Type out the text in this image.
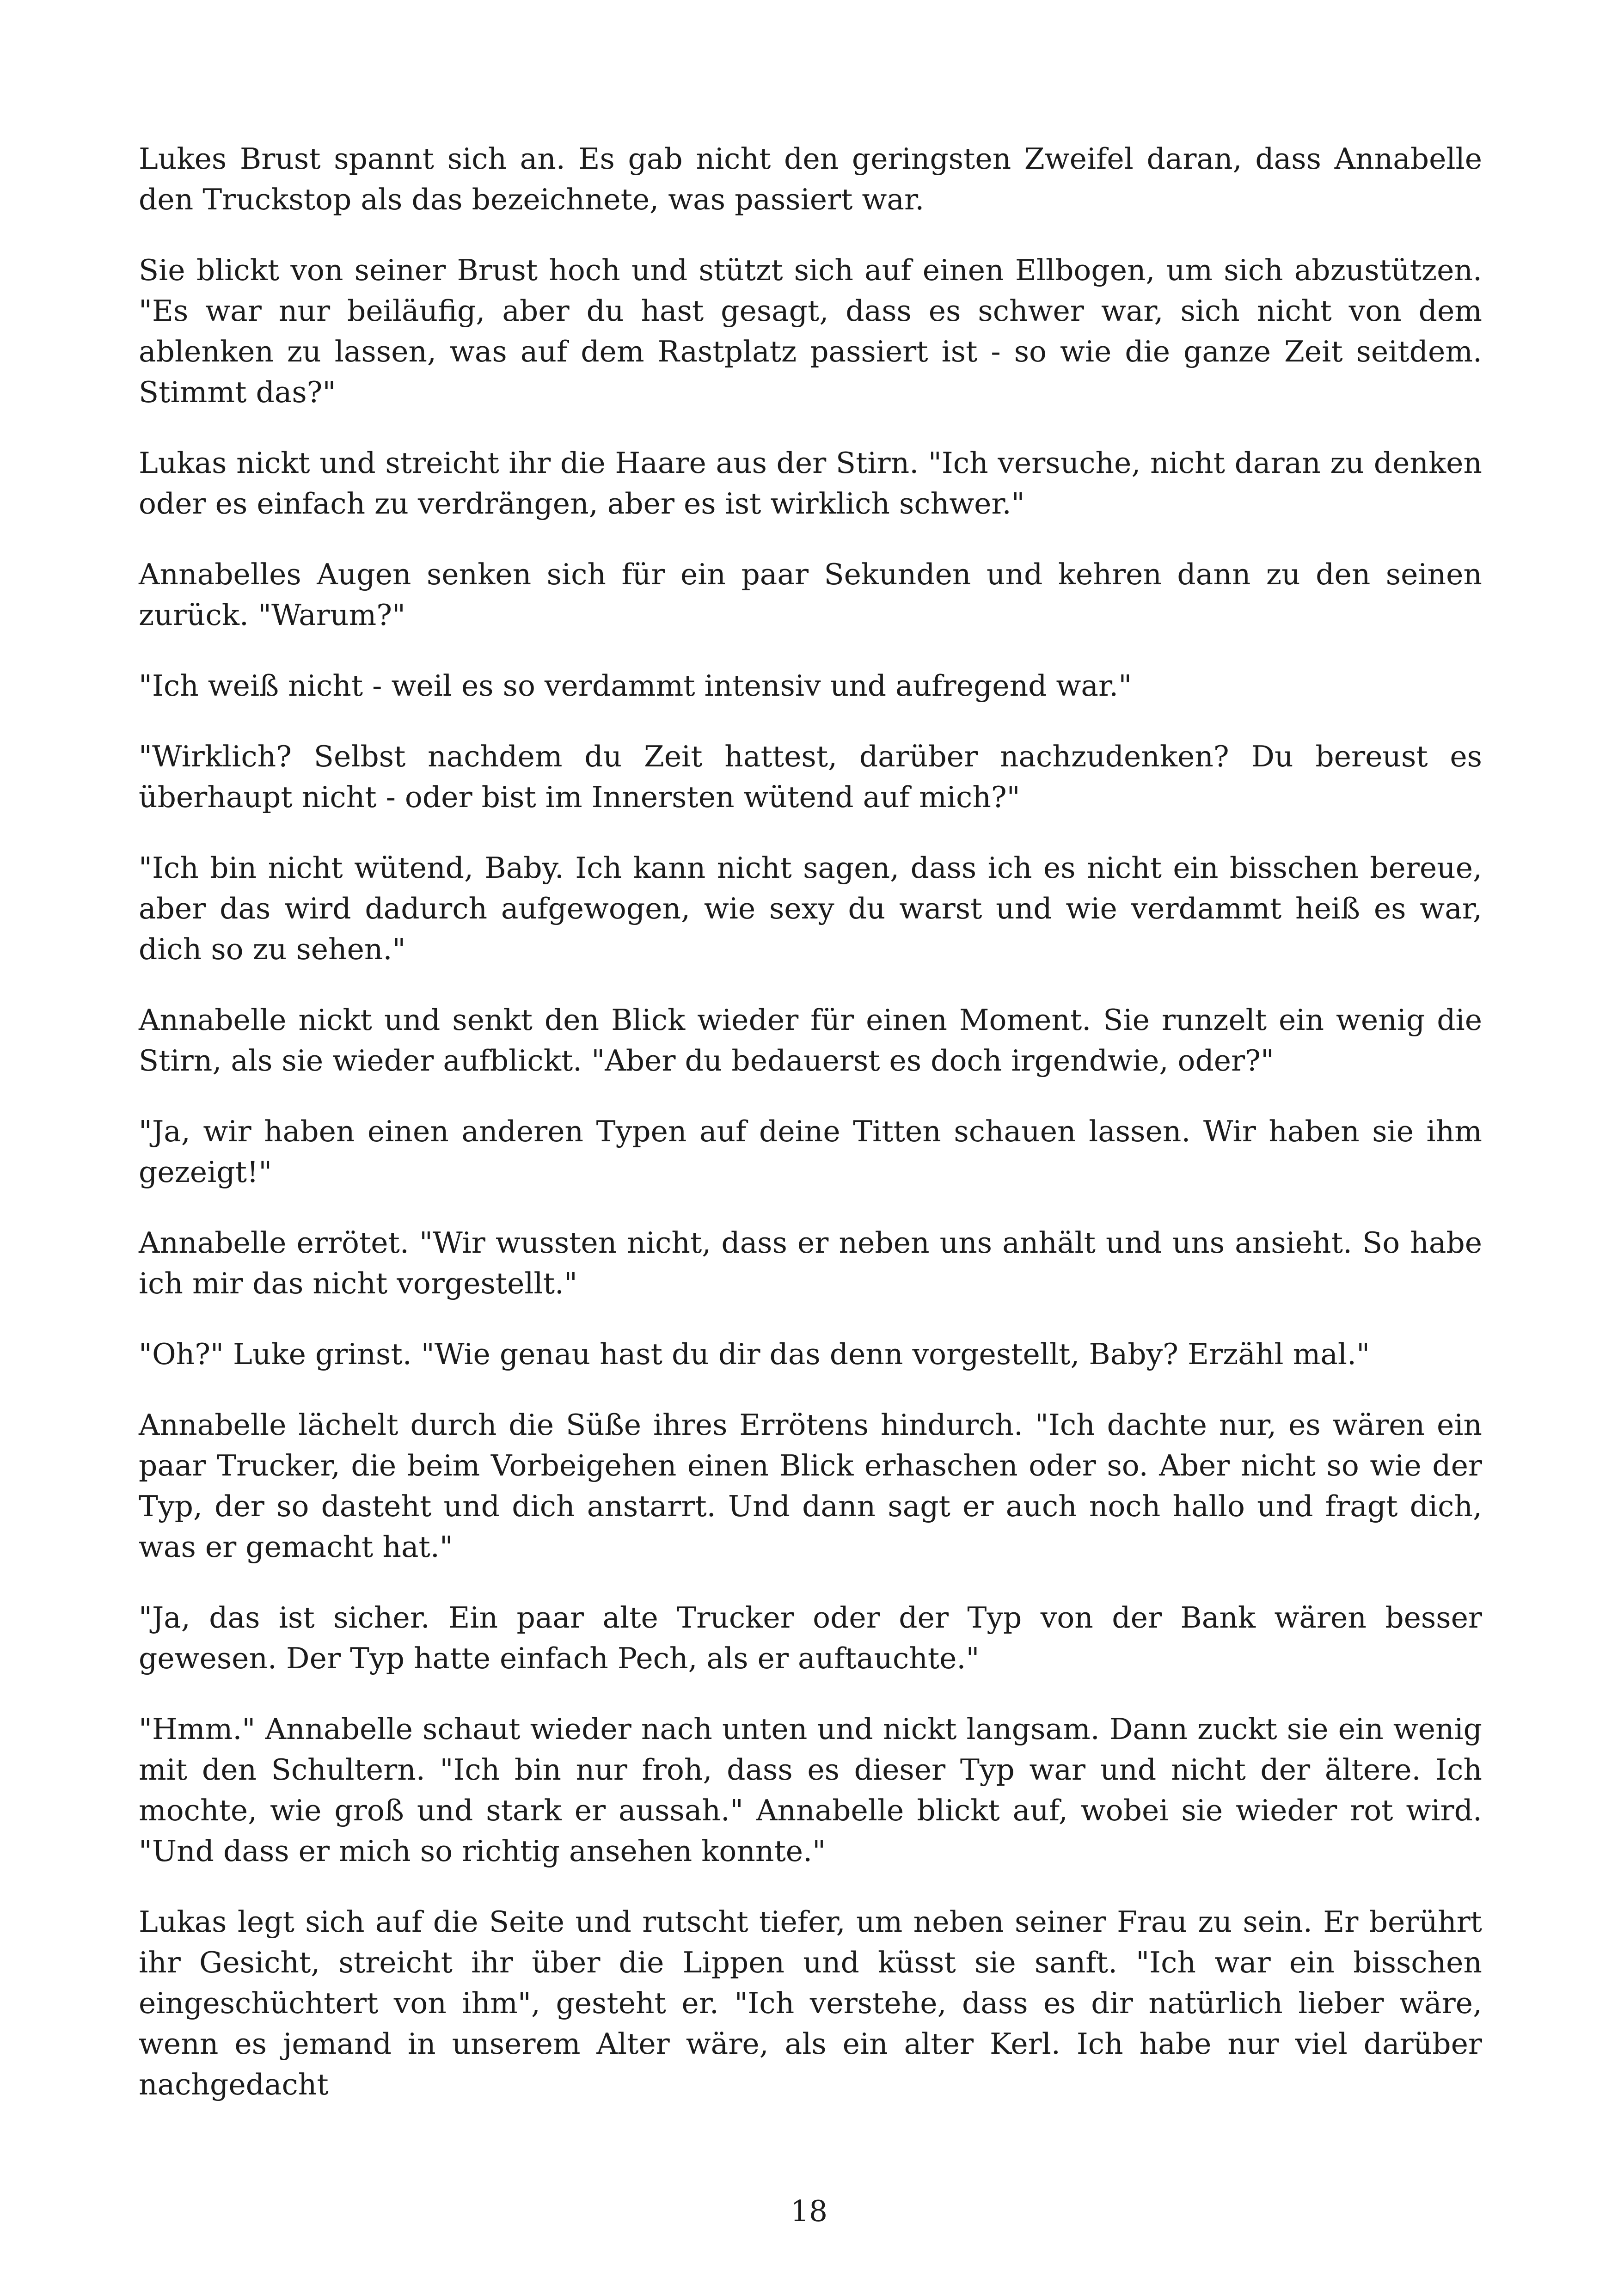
Lukes Brust spannt sich an. Es gab nicht den geringsten Zweifel daran, dass Annabelle den Truckstop als das bezeichnete, was passiert war.

Sie blickt von seiner Brust hoch und stützt sich auf einen Ellbogen, um sich abzustützen. "Es war nur beiläufig, aber du hast gesagt, dass es schwer war, sich nicht von dem ablenken zu lassen, was auf dem Rastplatz passiert ist - so wie die ganze Zeit seitdem. Stimmt das?"

Lukas nickt und streicht ihr die Haare aus der Stirn. "Ich versuche, nicht daran zu denken oder es einfach zu verdrängen, aber es ist wirklich schwer."

Annabelles Augen senken sich für ein paar Sekunden und kehren dann zu den seinen zurück. "Warum?"

"Ich weiß nicht - weil es so verdammt intensiv und aufregend war."

"Wirklich? Selbst nachdem du Zeit hattest, darüber nachzudenken? Du bereust es überhaupt nicht - oder bist im Innersten wütend auf mich?"

"Ich bin nicht wütend, Baby. Ich kann nicht sagen, dass ich es nicht ein bisschen bereue, aber das wird dadurch aufgewogen, wie sexy du warst und wie verdammt heiß es war, dich so zu sehen."

Annabelle nickt und senkt den Blick wieder für einen Moment. Sie runzelt ein wenig die Stirn, als sie wieder aufblickt. "Aber du bedauerst es doch irgendwie, oder?"

"Ja, wir haben einen anderen Typen auf deine Titten schauen lassen. Wir haben sie ihm gezeigt!"

Annabelle errötet. "Wir wussten nicht, dass er neben uns anhält und uns ansieht. So habe ich mir das nicht vorgestellt."

"Oh?" Luke grinst. "Wie genau hast du dir das denn vorgestellt, Baby? Erzähl mal."

Annabelle lächelt durch die Süße ihres Errötens hindurch. "Ich dachte nur, es wären ein paar Trucker, die beim Vorbeigehen einen Blick erhaschen oder so. Aber nicht so wie der Typ, der so dasteht und dich anstarrt. Und dann sagt er auch noch hallo und fragt dich, was er gemacht hat."

"Ja, das ist sicher. Ein paar alte Trucker oder der Typ von der Bank wären besser gewesen. Der Typ hatte einfach Pech, als er auftauchte."

"Hmm." Annabelle schaut wieder nach unten und nickt langsam. Dann zuckt sie ein wenig mit den Schultern. "Ich bin nur froh, dass es dieser Typ war und nicht der ältere. Ich mochte, wie groß und stark er aussah." Annabelle blickt auf, wobei sie wieder rot wird. "Und dass er mich so richtig ansehen konnte."

Lukas legt sich auf die Seite und rutscht tiefer, um neben seiner Frau zu sein. Er berührt ihr Gesicht, streicht ihr über die Lippen und küsst sie sanft. "Ich war ein bisschen eingeschüchtert von ihm", gesteht er. "Ich verstehe, dass es dir natürlich lieber wäre, wenn es jemand in unserem Alter wäre, als ein alter Kerl. Ich habe nur viel darüber nachgedacht

18
